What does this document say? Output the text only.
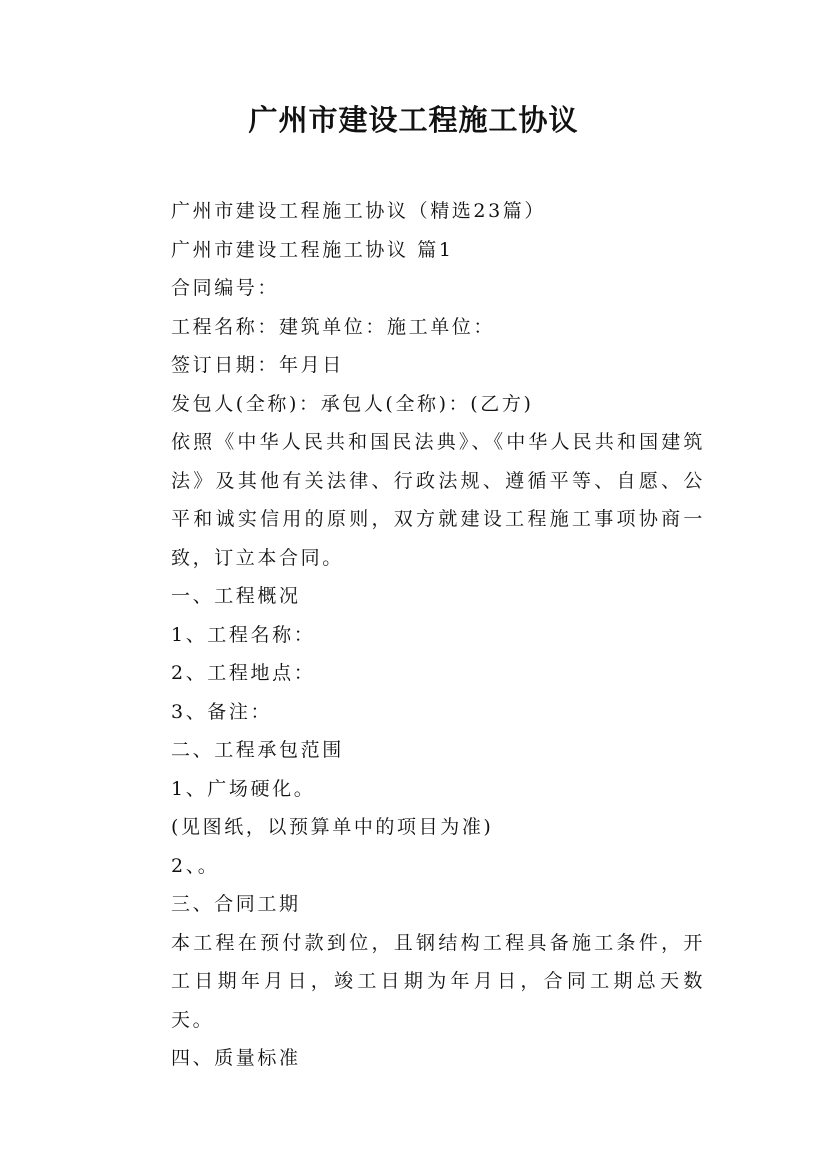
广州市建设工程施工协议

广州市建设工程施工协议（精选23篇）

广州市建设工程施工协议 篇1

合同编号：

工程名称：建筑单位：施工单位：

签订日期：年月日

发包人(全称)：承包人(全称)：(乙方)

依照《中华人民共和国民法典》、《中华人民共和国建筑法》及其他有关法律、行政法规、遵循平等、自愿、公平和诚实信用的原则，双方就建设工程施工事项协商一致，订立本合同。

一、工程概况

1、工程名称：

2、工程地点：

3、备注：

二、工程承包范围

1、广场硬化。

(见图纸，以预算单中的项目为准)

2、。

三、合同工期

本工程在预付款到位，且钢结构工程具备施工条件，开工日期年月日，竣工日期为年月日，合同工期总天数天。

四、质量标准
